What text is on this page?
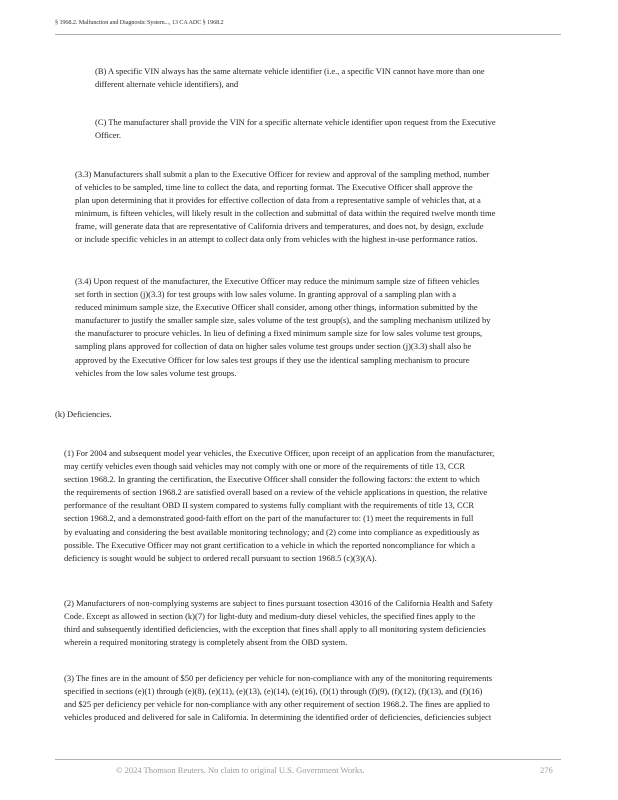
§ 1968.2. Malfunction and Diagnostic System..., 13 CA ADC § 1968.2
(B) A specific VIN always has the same alternate vehicle identifier (i.e., a specific VIN cannot have more than one
different alternate vehicle identifiers), and
(C) The manufacturer shall provide the VIN for a specific alternate vehicle identifier upon request from the Executive
Officer.
(3.3) Manufacturers shall submit a plan to the Executive Officer for review and approval of the sampling method, number
of vehicles to be sampled, time line to collect the data, and reporting format. The Executive Officer shall approve the
plan upon determining that it provides for effective collection of data from a representative sample of vehicles that, at a
minimum, is fifteen vehicles, will likely result in the collection and submittal of data within the required twelve month time
frame, will generate data that are representative of California drivers and temperatures, and does not, by design, exclude
or include specific vehicles in an attempt to collect data only from vehicles with the highest in-use performance ratios.
(3.4) Upon request of the manufacturer, the Executive Officer may reduce the minimum sample size of fifteen vehicles
set forth in section (j)(3.3) for test groups with low sales volume. In granting approval of a sampling plan with a
reduced minimum sample size, the Executive Officer shall consider, among other things, information submitted by the
manufacturer to justify the smaller sample size, sales volume of the test group(s), and the sampling mechanism utilized by
the manufacturer to procure vehicles. In lieu of defining a fixed minimum sample size for low sales volume test groups,
sampling plans approved for collection of data on higher sales volume test groups under section (j)(3.3) shall also be
approved by the Executive Officer for low sales test groups if they use the identical sampling mechanism to procure
vehicles from the low sales volume test groups.
(k) Deficiencies.
(1) For 2004 and subsequent model year vehicles, the Executive Officer, upon receipt of an application from the manufacturer,
may certify vehicles even though said vehicles may not comply with one or more of the requirements of title 13, CCR
section 1968.2. In granting the certification, the Executive Officer shall consider the following factors: the extent to which
the requirements of section 1968.2 are satisfied overall based on a review of the vehicle applications in question, the relative
performance of the resultant OBD II system compared to systems fully compliant with the requirements of title 13, CCR
section 1968.2, and a demonstrated good-faith effort on the part of the manufacturer to: (1) meet the requirements in full
by evaluating and considering the best available monitoring technology; and (2) come into compliance as expeditiously as
possible. The Executive Officer may not grant certification to a vehicle in which the reported noncompliance for which a
deficiency is sought would be subject to ordered recall pursuant to section 1968.5 (c)(3)(A).
(2) Manufacturers of non-complying systems are subject to fines pursuant tosection 43016 of the California Health and Safety
Code. Except as allowed in section (k)(7) for light-duty and medium-duty diesel vehicles, the specified fines apply to the
third and subsequently identified deficiencies, with the exception that fines shall apply to all monitoring system deficiencies
wherein a required monitoring strategy is completely absent from the OBD system.
(3) The fines are in the amount of $50 per deficiency per vehicle for non-compliance with any of the monitoring requirements
specified in sections (e)(1) through (e)(8), (e)(11), (e)(13), (e)(14), (e)(16), (f)(1) through (f)(9), (f)(12), (f)(13), and (f)(16)
and $25 per deficiency per vehicle for non-compliance with any other requirement of section 1968.2. The fines are applied to
vehicles produced and delivered for sale in California. In determining the identified order of deficiencies, deficiencies subject
© 2024 Thomson Reuters. No claim to original U.S. Government Works.	276
